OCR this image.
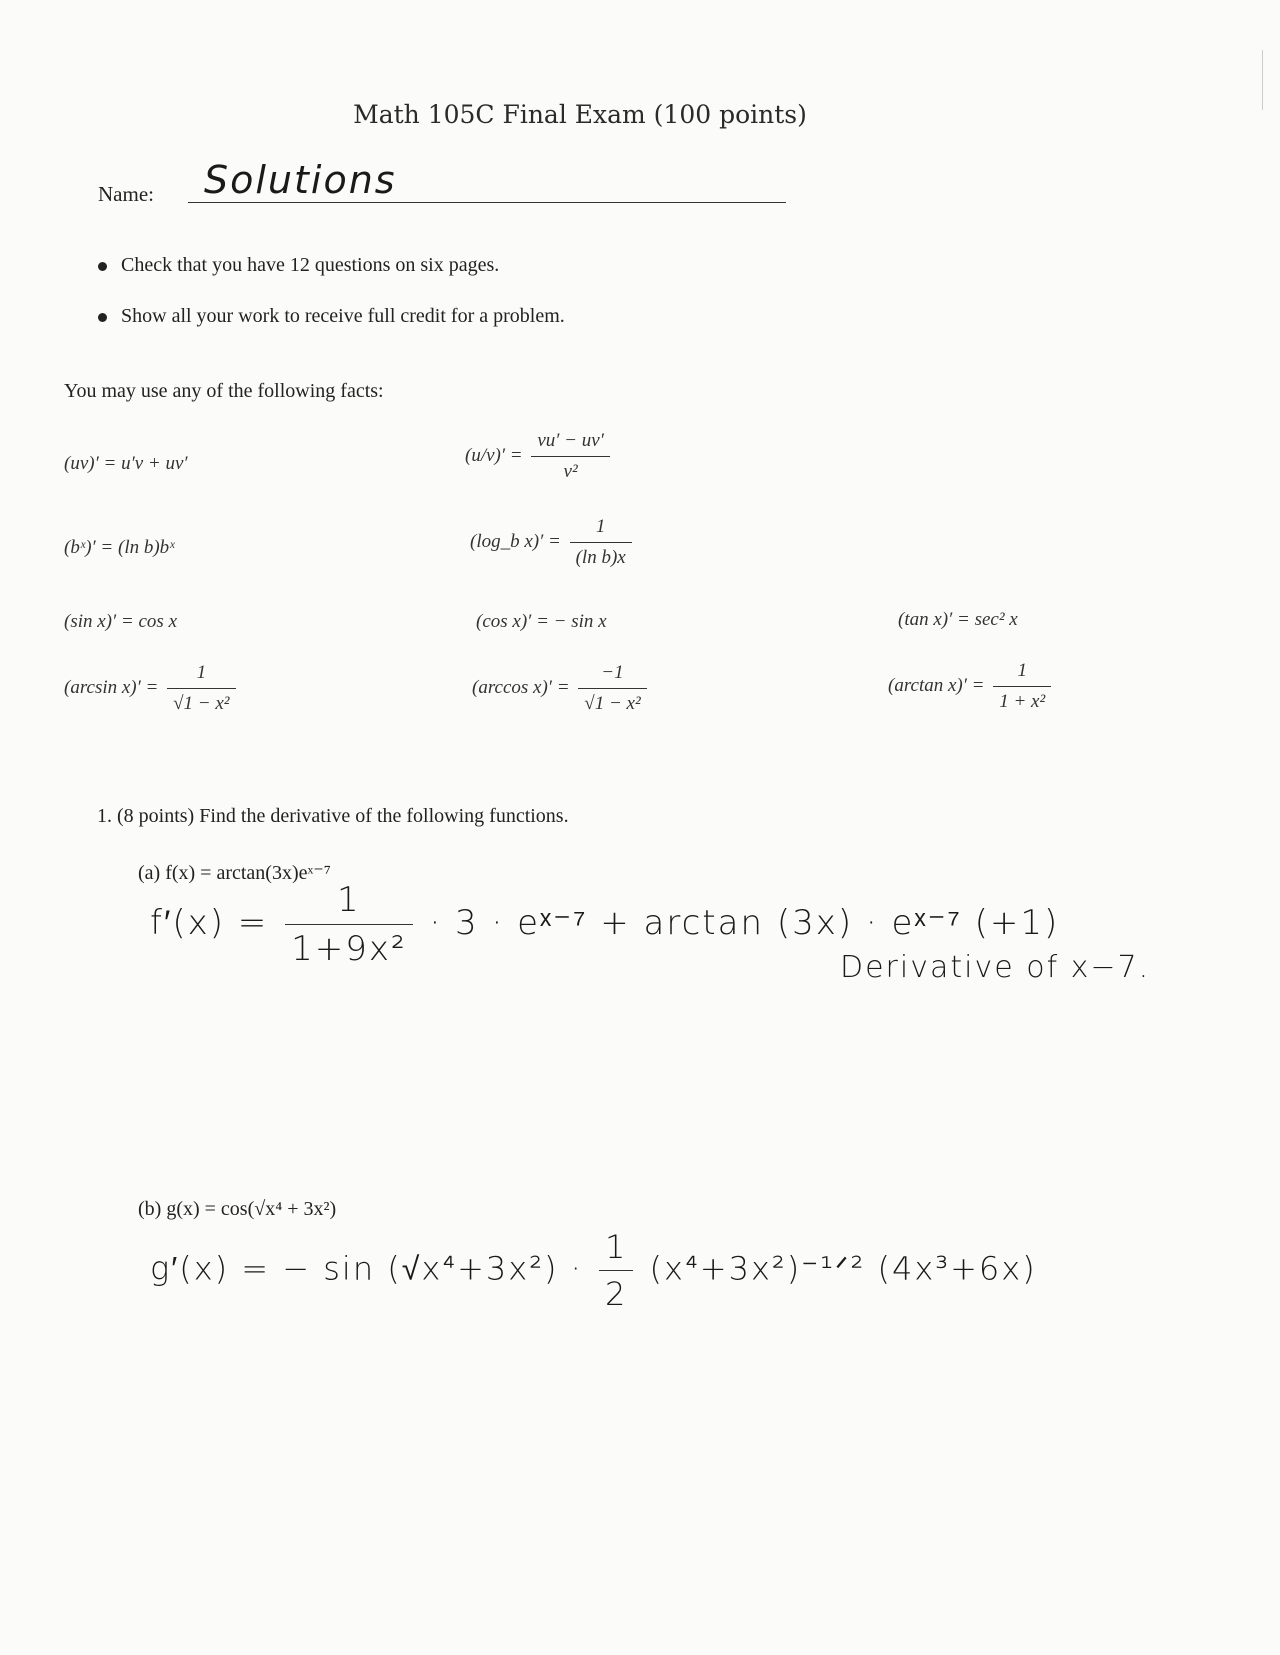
Math 105C Final Exam (100 points)
Name: Solutions
Check that you have 12 questions on six pages.
Show all your work to receive full credit for a problem.
You may use any of the following facts:
(uv)′ = u′v + uv′	$(u/v)' = \frac{vu' - uv'}{\text{v²}}$
(bˣ)′ = (ln b)bˣ	(log_b $x)' = \frac{1}{\text{(ln b)x}}$
(sin x)′ = cos x	(cos x)′ = − sin x	(tan x)′ = sec² x
(arcsin $x)' = \frac{1}{\text{√1 − x²}}$	(arccos $x)' = \frac{-1}{\text{√1 − x²}}$	(arctan $x)' = \frac{1}{\text{1 + x²}}$
1. (8 points) Find the derivative of the following functions.
(a) f(x) = arctan(3x)eˣ⁻⁷
$f'(x) = \frac{1}{\text{1+9x²}} \cdot 3$ · eˣ⁻⁷ + arctan (3x) · eˣ⁻⁷ (+1)
Derivative of x−7.
(b) g(x) = cos(√x⁴ + 3x²)
g′(x) = − $\sin (√x^4+3x^2) \cdot \frac{1}{2}$ (x⁴+3x²)⁻¹ᐟ² (4x³+6x)
